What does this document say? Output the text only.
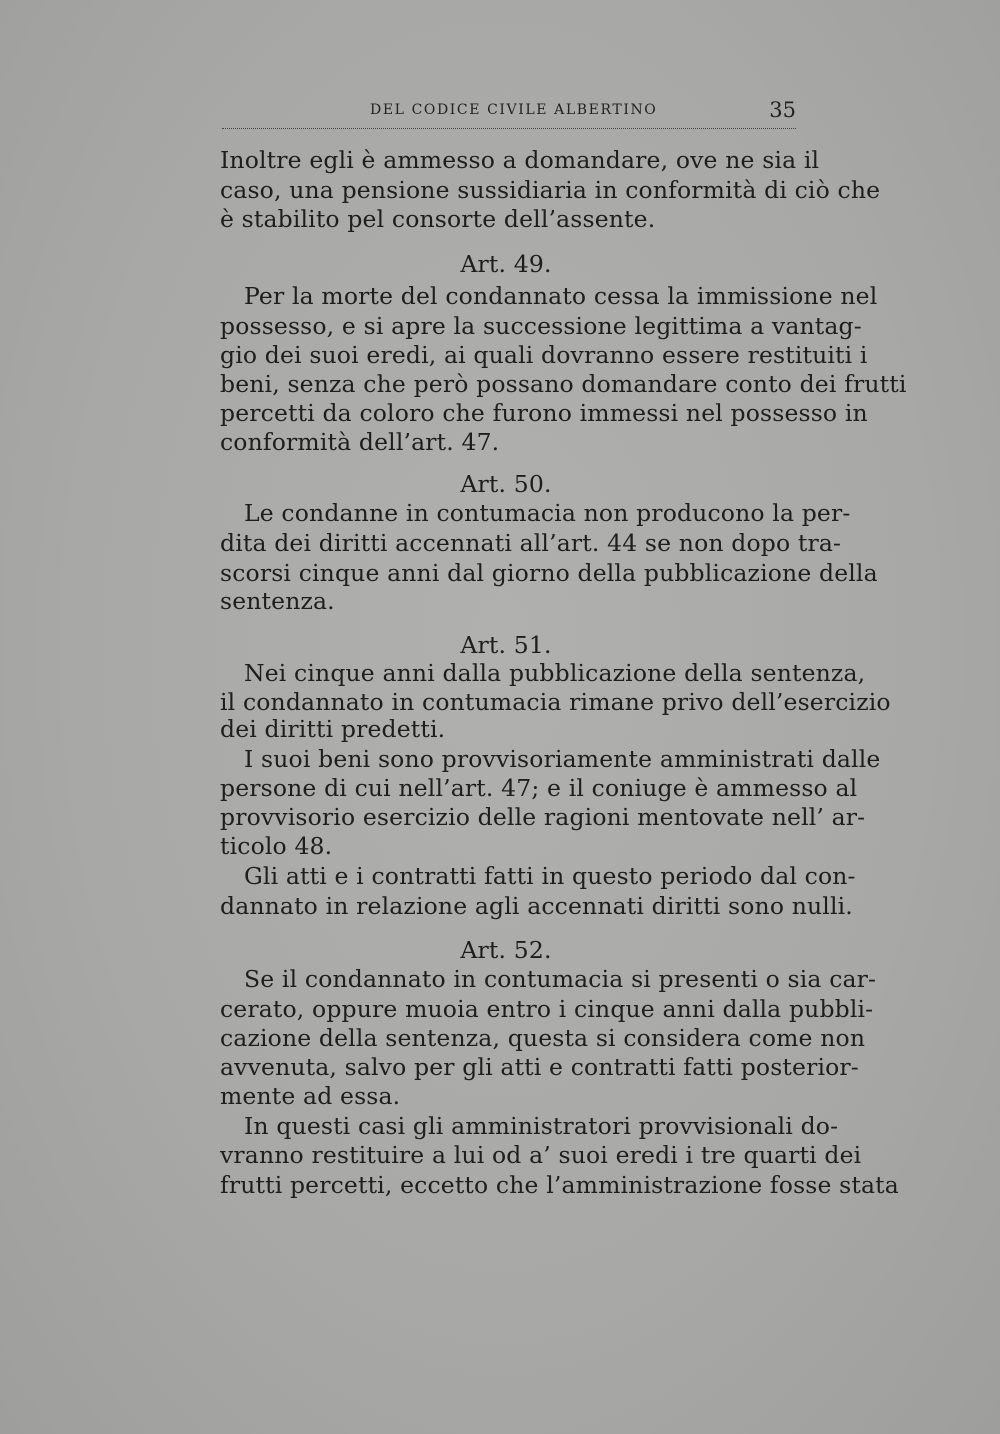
DEL CODICE CIVILE ALBERTINO	35
Inoltre egli è ammesso a domandare, ove ne sia il
caso, una pensione sussidiaria in conformità di ciò che
è stabilito pel consorte dell’assente.
Art. 49.
Per la morte del condannato cessa la immissione nel
possesso, e si apre la successione legittima a vantag-
gio dei suoi eredi, ai quali dovranno essere restituiti i
beni, senza che però possano domandare conto dei frutti
percetti da coloro che furono immessi nel possesso in
conformità dell’art. 47.
Art. 50.
Le condanne in contumacia non producono la per-
dita dei diritti accennati all’art. 44 se non dopo tra-
scorsi cinque anni dal giorno della pubblicazione della
sentenza.
Art. 51.
Nei cinque anni dalla pubblicazione della sentenza,
il condannato in contumacia rimane privo dell’esercizio
dei diritti predetti.
I suoi beni sono provvisoriamente amministrati dalle
persone di cui nell’art. 47; e il coniuge è ammesso al
provvisorio esercizio delle ragioni mentovate nell’ ar-
ticolo 48.
Gli atti e i contratti fatti in questo periodo dal con-
dannato in relazione agli accennati diritti sono nulli.
Art. 52.
Se il condannato in contumacia si presenti o sia car-
cerato, oppure muoia entro i cinque anni dalla pubbli-
cazione della sentenza, questa si considera come non
avvenuta, salvo per gli atti e contratti fatti posterior-
mente ad essa.
In questi casi gli amministratori provvisionali do-
vranno restituire a lui od a’ suoi eredi i tre quarti dei
frutti percetti, eccetto che l’amministrazione fosse stata
